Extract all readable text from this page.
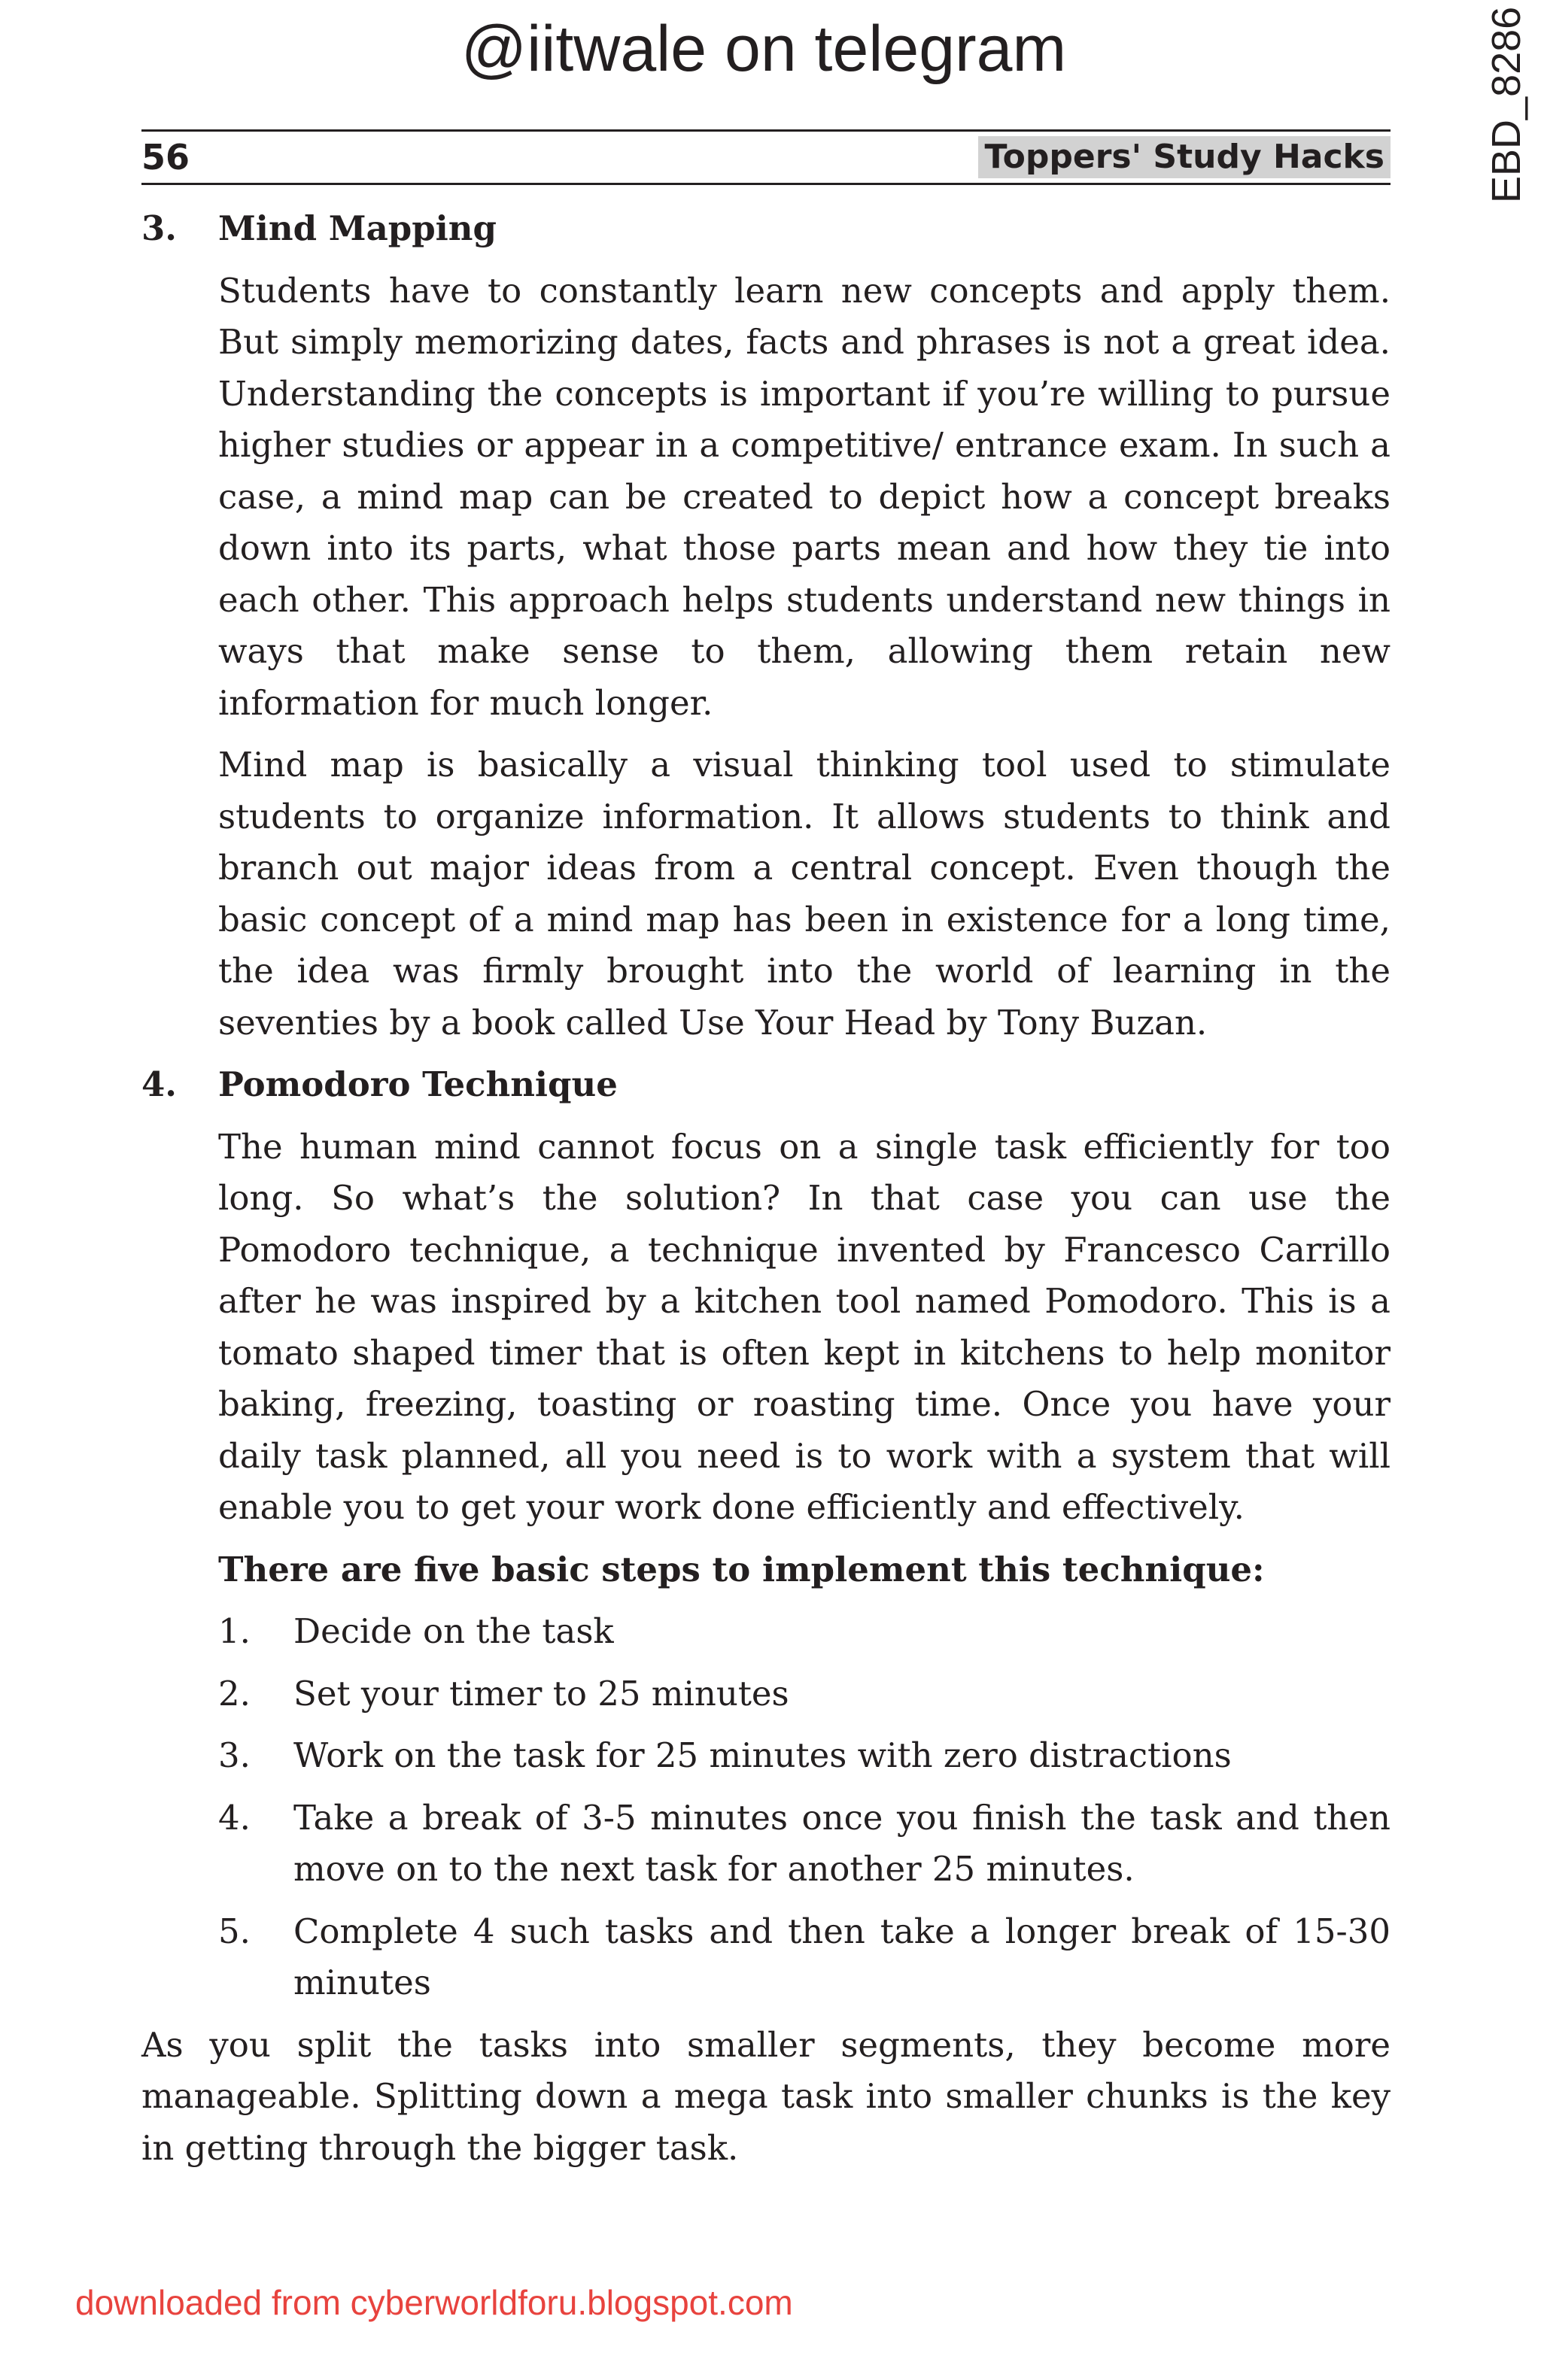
@iitwale on telegram	EBD_8286
56	Toppers' Study Hacks
3. Mind Mapping

Students have to constantly learn new concepts and apply them. But simply memorizing dates, facts and phrases is not a great idea. Understanding the concepts is important if you’re willing to pursue higher studies or appear in a competitive/ entrance exam. In such a case, a mind map can be created to depict how a concept breaks down into its parts, what those parts mean and how they tie into each other. This approach helps students understand new things in ways that make sense to them, allowing them retain new information for much longer.

Mind map is basically a visual thinking tool used to stimulate students to organize information. It allows students to think and branch out major ideas from a central concept. Even though the basic concept of a mind map has been in existence for a long time, the idea was firmly brought into the world of learning in the seventies by a book called Use Your Head by Tony Buzan.

4. Pomodoro Technique

The human mind cannot focus on a single task efficiently for too long. So what’s the solution? In that case you can use the Pomodoro technique, a technique invented by Francesco Carrillo after he was inspired by a kitchen tool named Pomodoro. This is a tomato shaped timer that is often kept in kitchens to help monitor baking, freezing, toasting or roasting time. Once you have your daily task planned, all you need is to work with a system that will enable you to get your work done efficiently and effectively.

There are five basic steps to implement this technique:

1. Decide on the task
2. Set your timer to 25 minutes
3. Work on the task for 25 minutes with zero distractions
4. Take a break of 3-5 minutes once you finish the task and then move on to the next task for another 25 minutes.
5. Complete 4 such tasks and then take a longer break of 15-30 minutes

As you split the tasks into smaller segments, they become more manageable. Splitting down a mega task into smaller chunks is the key in getting through the bigger task.

downloaded from cyberworldforu.blogspot.com
